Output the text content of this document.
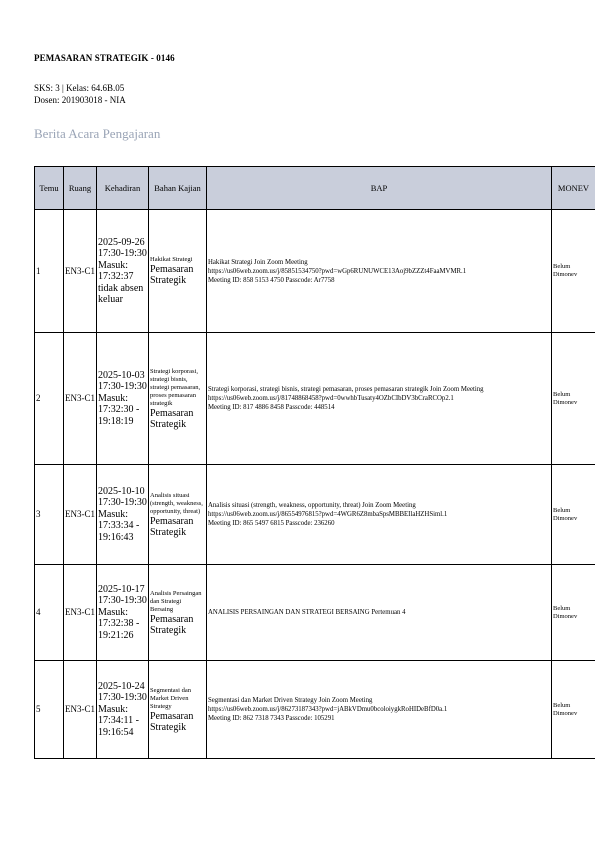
PEMASARAN STRATEGIK - 0146
SKS: 3 | Kelas: 64.6B.05
Dosen: 201903018 - NIA
Berita Acara Pengajaran
Temu	Ruang	Kehadiran	Bahan Kajian	BAP	MONEV
1	EN3-C1	2025-09-26 17:30-19:30 Masuk: 17:32:37 tidak absen keluar	Hakikat Strategi
Pemasaran Strategik	Hakikat Strategi Join Zoom Meeting
https://us06web.zoom.us/j/85851534750?pwd=wGp6RUNUWCE13Aoj9bZZZt4FaaMVMR.1
Meeting ID: 858 5153 4750 Passcode: Ar7758	Belum Dimonev
2	EN3-C1	2025-10-03 17:30-19:30 Masuk: 17:32:30 - 19:18:19	Strategi korporasi, strategi bisnis, strategi pemasaran, proses pemasaran strategik
Pemasaran Strategik	Strategi korporasi, strategi bisnis, strategi pemasaran, proses pemasaran strategik Join Zoom Meeting
https://us06web.zoom.us/j/81748868458?pwd=0wwhbTusaty4OZbCIbDV3bCraRCOp2.1
Meeting ID: 817 4886 8458 Passcode: 448514	Belum Dimonev
3	EN3-C1	2025-10-10 17:30-19:30 Masuk: 17:33:34 - 19:16:43	Analisis situasi (strength, weakness, opportunity, threat)
Pemasaran Strategik	Analisis situasi (strength, weakness, opportunity, threat) Join Zoom Meeting
https://us06web.zoom.us/j/86554976815?pwd=4WGR6Z8mbaSpsMBBEIlaHZHSiml.1
Meeting ID: 865 5497 6815 Passcode: 236260	Belum Dimonev
4	EN3-C1	2025-10-17 17:30-19:30 Masuk: 17:32:38 - 19:21:26	Analisis Persaingan dan Strategi Bersaing
Pemasaran Strategik	ANALISIS PERSAINGAN DAN STRATEGI BERSAING Pertemuan 4	Belum Dimonev
5	EN3-C1	2025-10-24 17:30-19:30 Masuk: 17:34:11 - 19:16:54	Segmentasi dan Market Driven Strategy
Pemasaran Strategik	Segmentasi dan Market Driven Strategy Join Zoom Meeting
https://us06web.zoom.us/j/86273187343?pwd=jABkVDmu0bcoloiygkRoHIDeBfD0a.1
Meeting ID: 862 7318 7343 Passcode: 105291	Belum Dimonev
